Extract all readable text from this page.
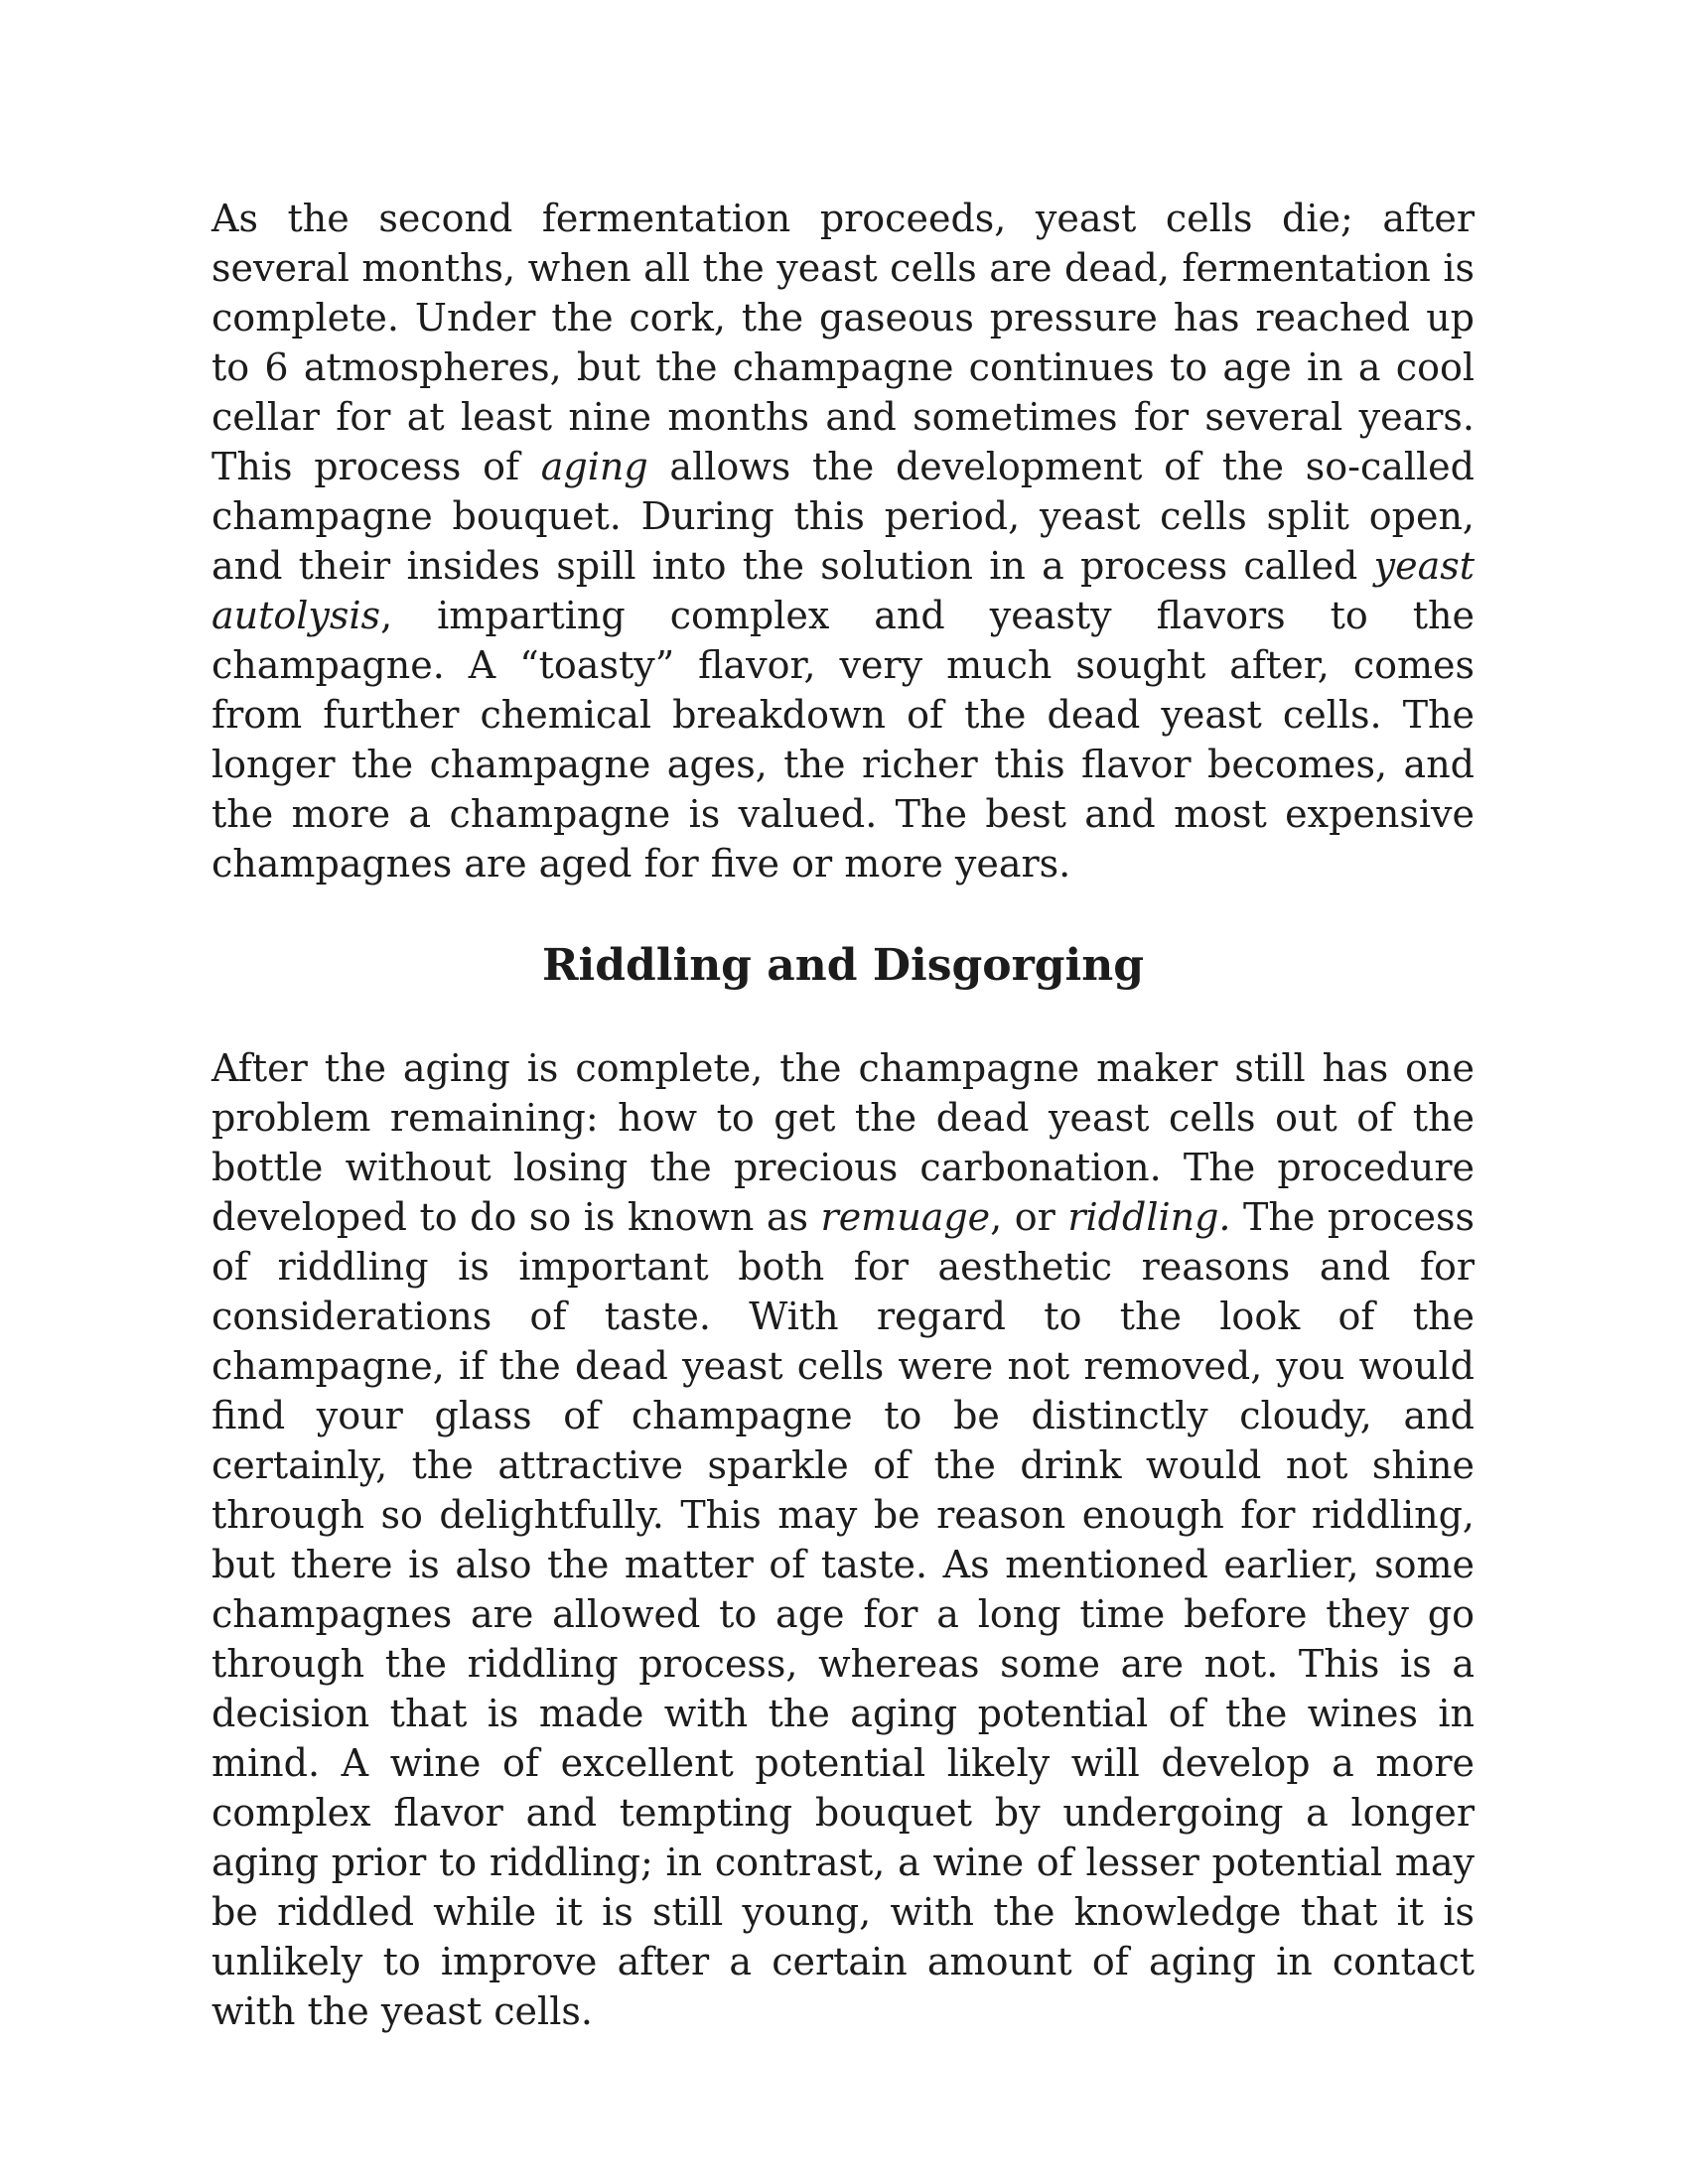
As the second fermentation proceeds, yeast cells die; after several months, when all the yeast cells are dead, fermentation is complete. Under the cork, the gaseous pressure has reached up to 6 atmospheres, but the champagne continues to age in a cool cellar for at least nine months and sometimes for several years. This process of aging allows the development of the so-called champagne bouquet. During this period, yeast cells split open, and their insides spill into the solution in a process called yeast autolysis, imparting complex and yeasty flavors to the champagne. A “toasty” flavor, very much sought after, comes from further chemical breakdown of the dead yeast cells. The longer the champagne ages, the richer this flavor becomes, and the more a champagne is valued. The best and most expensive champagnes are aged for five or more years.

Riddling and Disgorging

After the aging is complete, the champagne maker still has one problem remaining: how to get the dead yeast cells out of the bottle without losing the precious carbonation. The procedure developed to do so is known as remuage, or riddling. The process of riddling is important both for aesthetic reasons and for considerations of taste. With regard to the look of the champagne, if the dead yeast cells were not removed, you would find your glass of champagne to be distinctly cloudy, and certainly, the attractive sparkle of the drink would not shine through so delightfully. This may be reason enough for riddling, but there is also the matter of taste. As mentioned earlier, some champagnes are allowed to age for a long time before they go through the riddling process, whereas some are not. This is a decision that is made with the aging potential of the wines in mind. A wine of excellent potential likely will develop a more complex flavor and tempting bouquet by undergoing a longer aging prior to riddling; in contrast, a wine of lesser potential may be riddled while it is still young, with the knowledge that it is unlikely to improve after a certain amount of aging in contact with the yeast cells.
